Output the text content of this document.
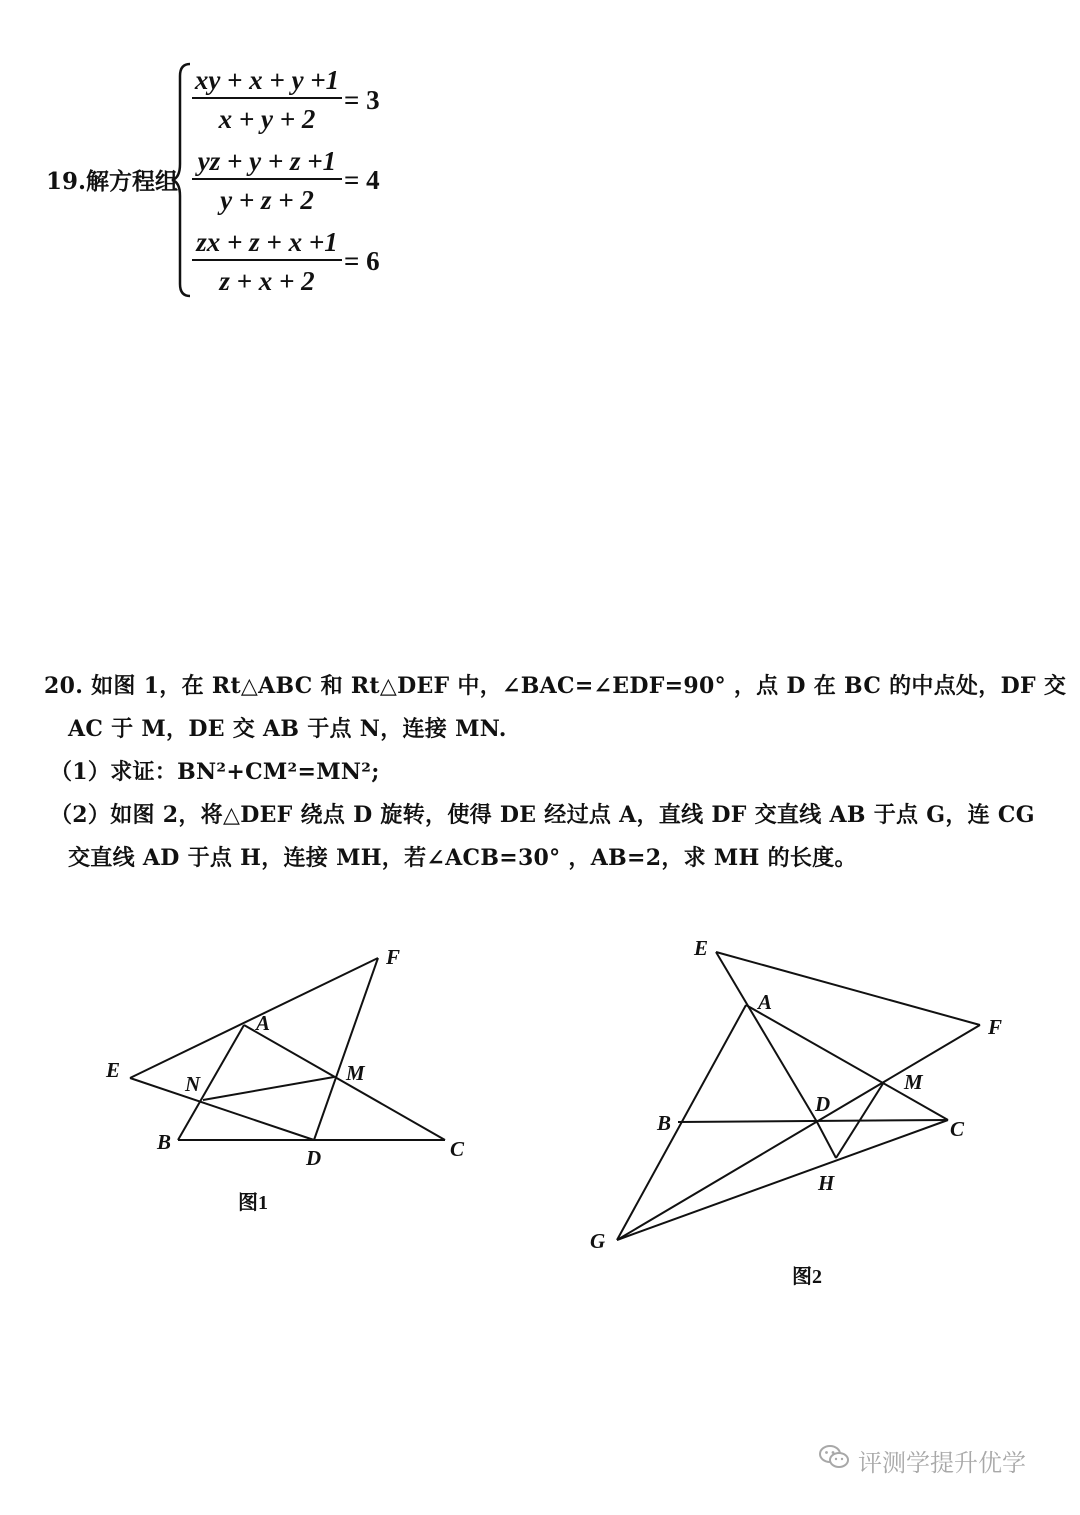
19.解方程组
xy + x + y +1
x + y + 2
= 3
yz + y + z +1
y + z + 2
= 4
zx + z + x +1
z + x + 2
= 6
20. 如图 1，在 Rt△ABC 和 Rt△DEF 中，∠BAC=∠EDF=90° ，点 D 在 BC 的中点处，DF 交
AC 于 M，DE 交 AB 于点 N，连接 MN.
（1）求证：BN²+CM²=MN²;
（2）如图 2，将△DEF 绕点 D 旋转，使得 DE 经过点 A，直线 DF 交直线 AB 于点 G，连 CG
交直线 AD 于点 H，连接 MH，若∠ACB=30° ，AB=2，求 MH 的长度。
A
B	C
D
E
F
M
N
图1
A
B	C
D
E
F
G
H
M
图2
评测学提升优学
